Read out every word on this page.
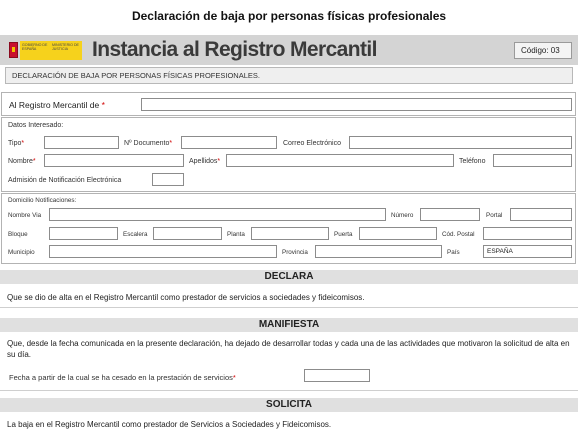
Declaración de baja por personas físicas profesionales
GOBIERNO DE ESPAÑA
MINISTERIO DE JUSTICIA	Instancia al Registro Mercantil	Código: 03
DECLARACIÓN DE BAJA POR PERSONAS FÍSICAS PROFESIONALES.
Al Registro Mercantil de *
Datos Interesado:
Tipo*	Nº Documento*	Correo Electrónico
Nombre*	Apellidos*	Teléfono
Admisión de Notificación Electrónica
Domicilio Notificaciones:
Nombre Via	Número	Portal
Bloque	Escalera	Planta	Puerta	Cód. Postal
Municipio	Provincia	País	ESPAÑA
DECLARA
Que se dio de alta en el Registro Mercantil como prestador de servicios a sociedades y fideicomisos.
MANIFIESTA
Que, desde la fecha comunicada en la presente declaración, ha dejado de desarrollar todas y cada una de las actividades que motivaron la solicitud de alta en su día.
Fecha a partir de la cual se ha cesado en la prestación de servicios*
SOLICITA
La baja en el Registro Mercantil como prestador de Servicios a Sociedades y Fideicomisos.
